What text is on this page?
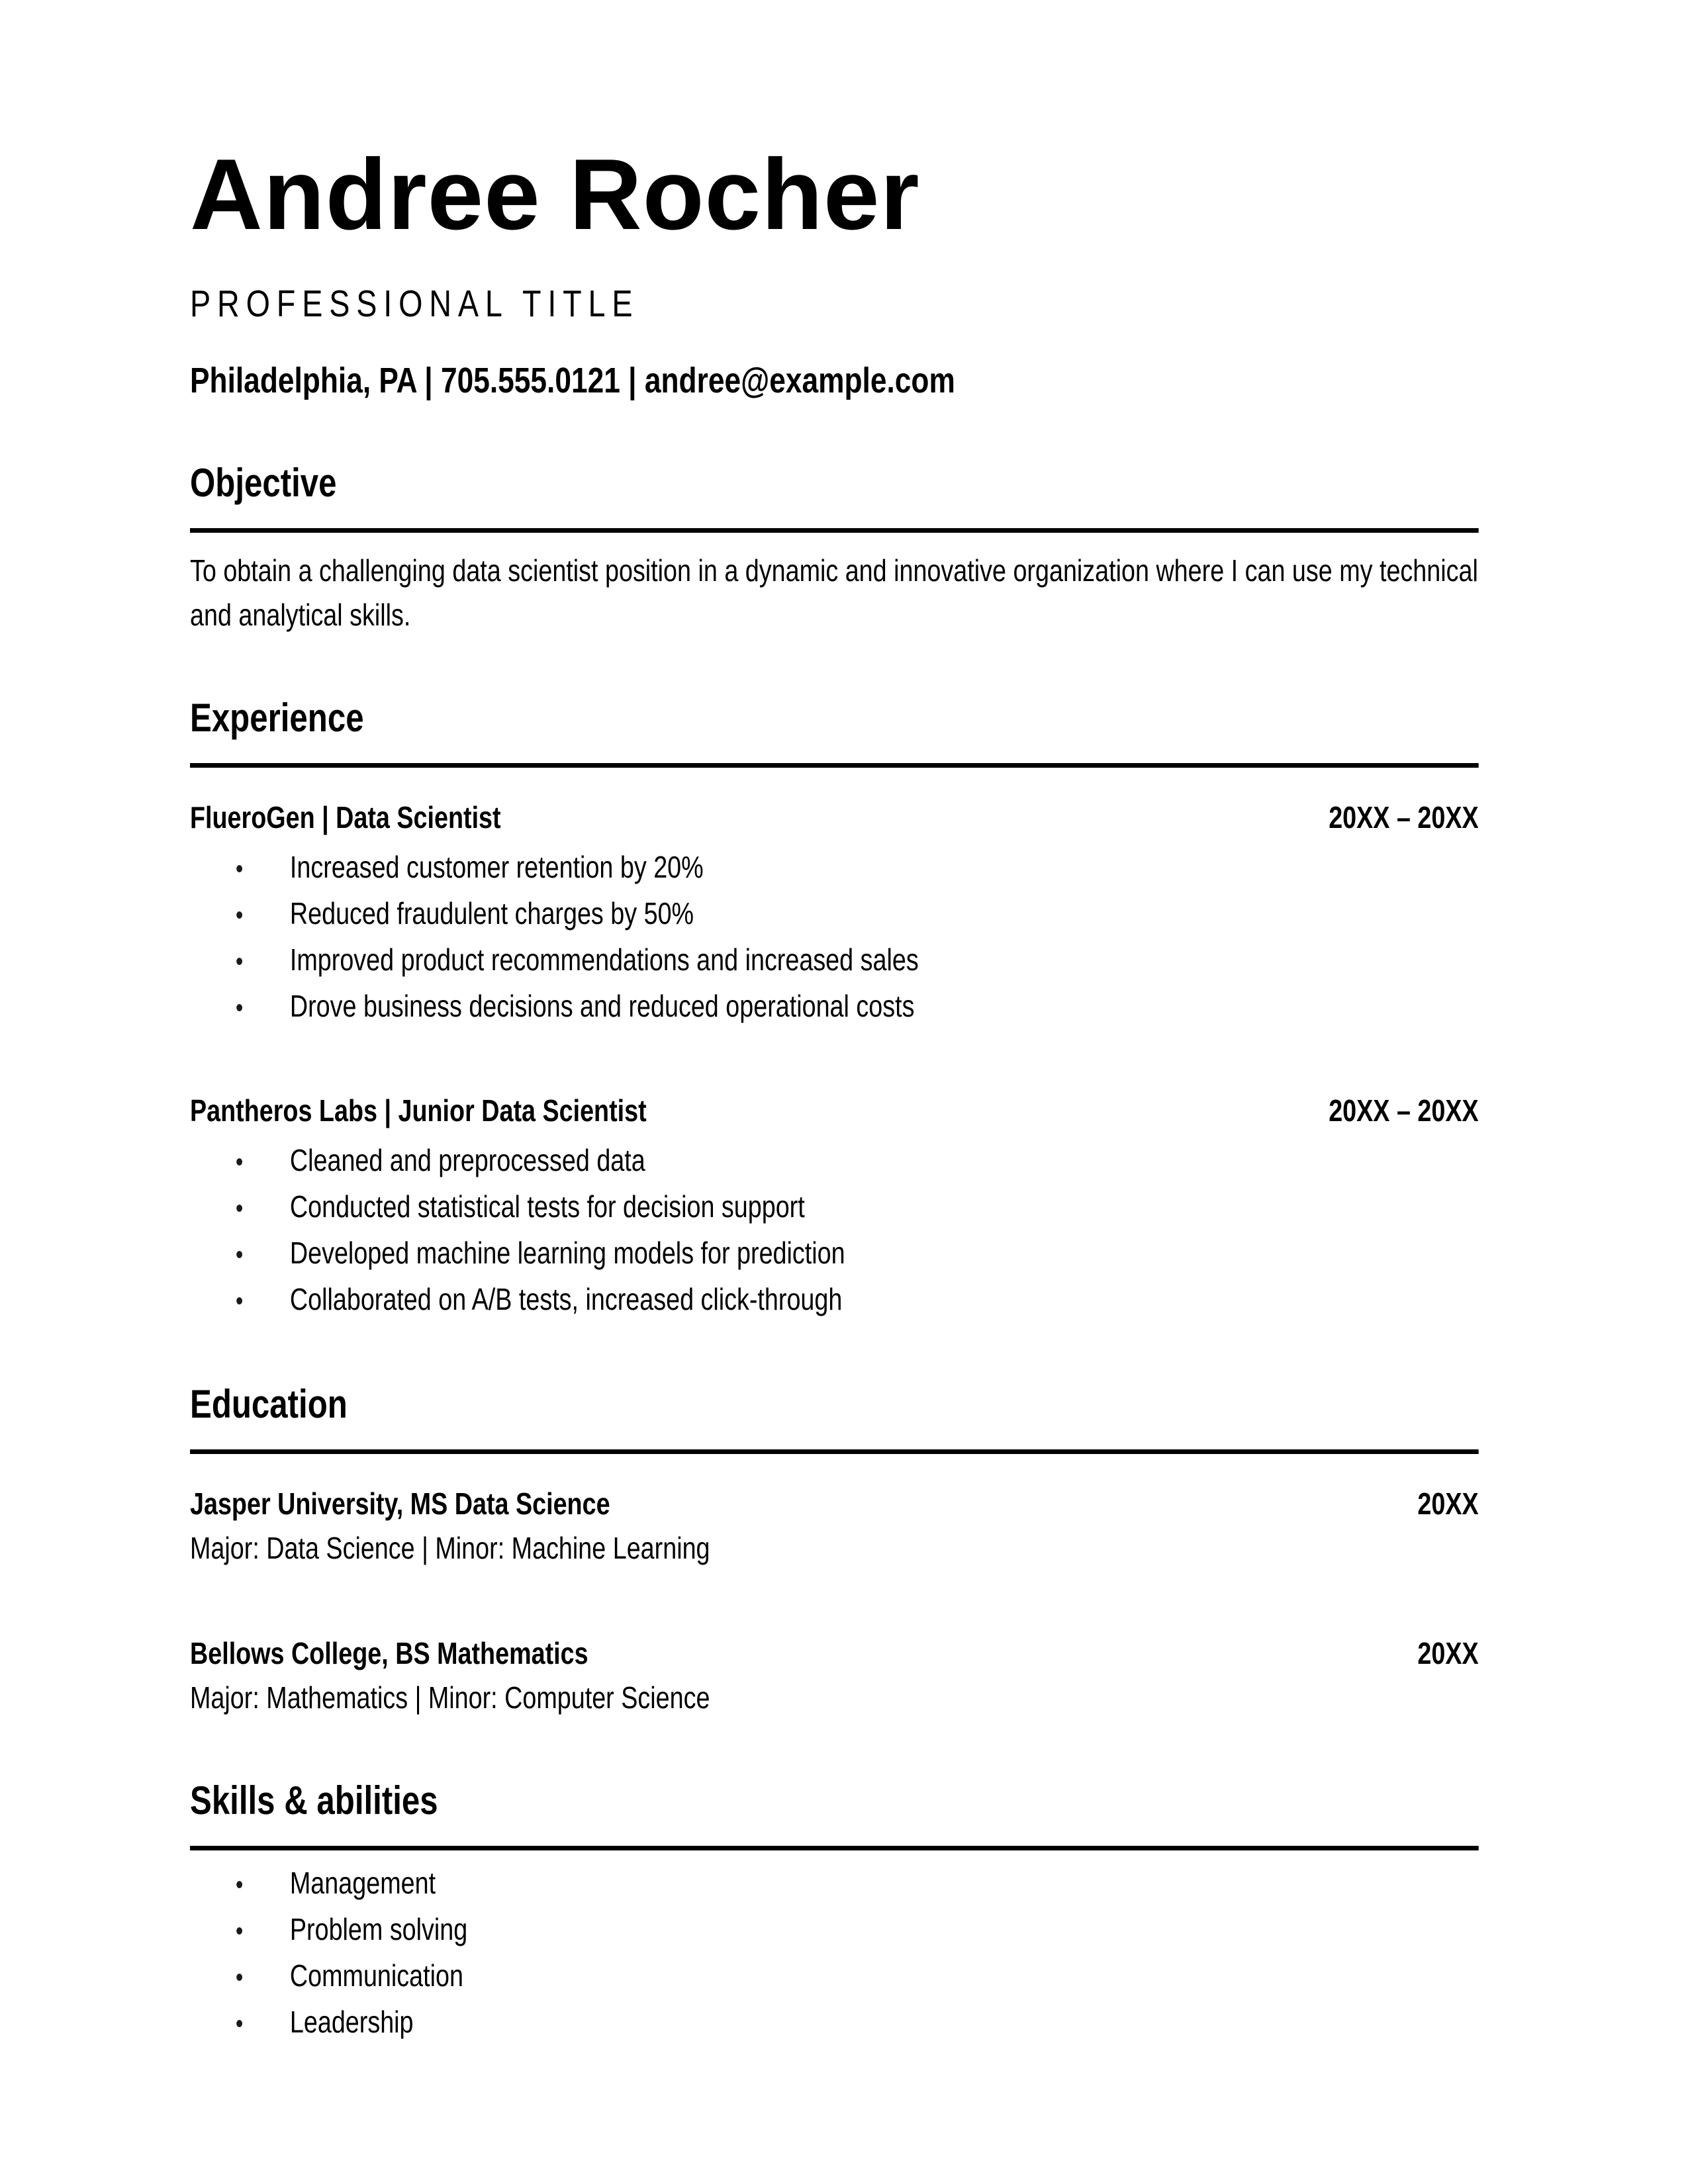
Andree Rocher
PROFESSIONAL TITLE
Philadelphia, PA | 705.555.0121 | andree@example.com
Objective

To obtain a challenging data scientist position in a dynamic and innovative organization where I can use my technical and analytical skills.

Experience
FlueroGen | Data Scientist	20XX – 20XX
•	Increased customer retention by 20%
•	Reduced fraudulent charges by 50%
•	Improved product recommendations and increased sales
•	Drove business decisions and reduced operational costs
Pantheros Labs | Junior Data Scientist	20XX – 20XX
•	Cleaned and preprocessed data
•	Conducted statistical tests for decision support
•	Developed machine learning models for prediction
•	Collaborated on A/B tests, increased click-through
Education
Jasper University, MS Data Science	20XX

Major: Data Science | Minor: Machine Learning

Bellows College, BS Mathematics	20XX

Major: Mathematics | Minor: Computer Science

Skills & abilities
•	Management
•	Problem solving
•	Communication
•	Leadership
